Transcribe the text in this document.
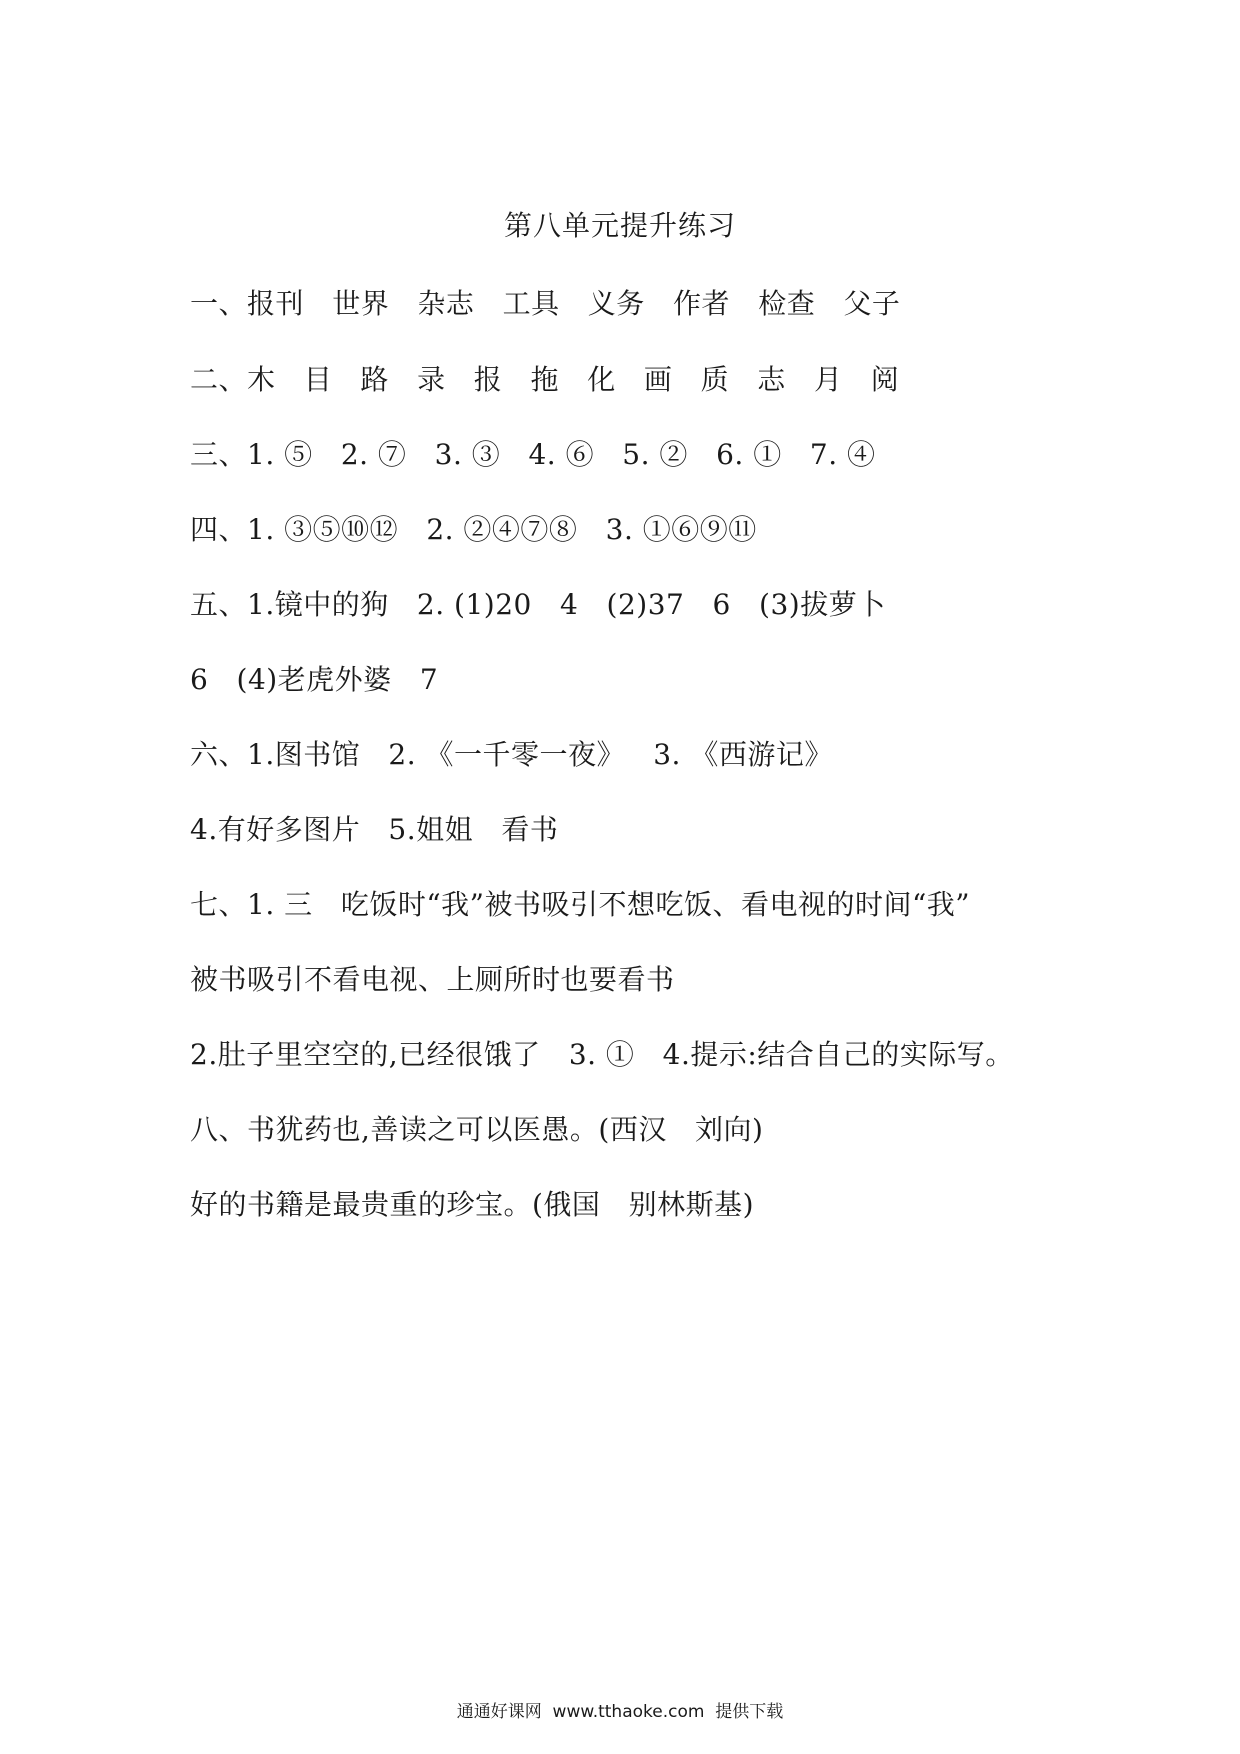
第八单元提升练习
一、报刊   世界   杂志   工具   义务   作者   检查   父子
二、木   目   路   录   报   拖   化   画   质   志   月   阅
三、1. ⑤   2. ⑦   3. ③   4. ⑥   5. ②   6. ①   7. ④
四、1. ③⑤⑩⑫   2. ②④⑦⑧   3. ①⑥⑨⑪
五、1.镜中的狗   2. (1)20   4   (2)37   6   (3)拔萝卜
6   (4)老虎外婆   7
六、1.图书馆   2. 《一千零一夜》   3. 《西游记》
4.有好多图片   5.姐姐   看书
七、1. 三   吃饭时“我”被书吸引不想吃饭、看电视的时间“我”
被书吸引不看电视、上厕所时也要看书
2.肚子里空空的,已经很饿了   3. ①   4.提示:结合自己的实际写。
八、书犹药也,善读之可以医愚。(西汉   刘向)
好的书籍是最贵重的珍宝。(俄国   别林斯基)
通通好课网  www.tthaoke.com  提供下载
